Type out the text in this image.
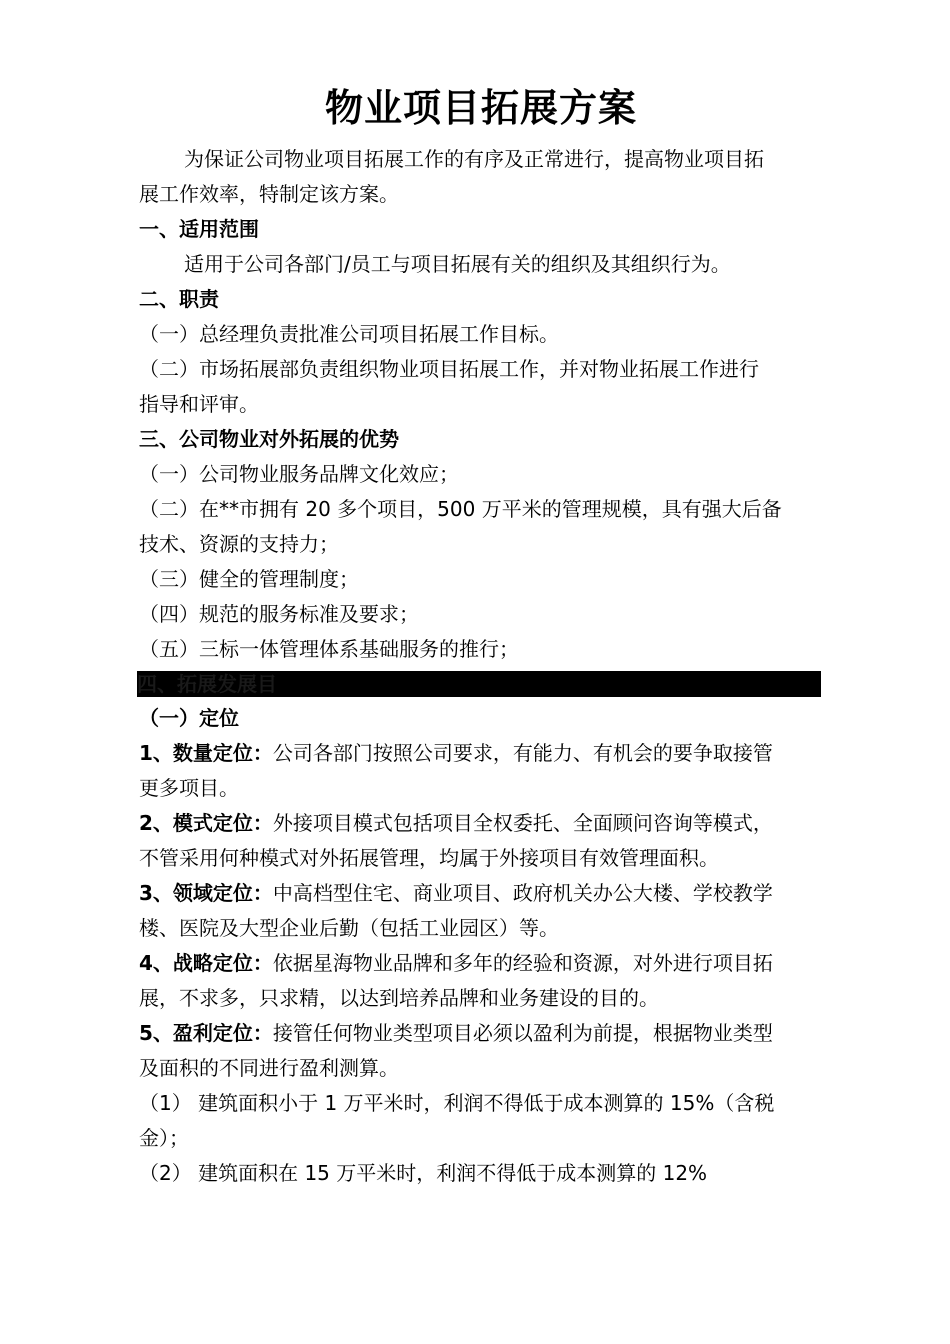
物业项目拓展方案

为保证公司物业项目拓展工作的有序及正常进行，提高物业项目拓

展工作效率，特制定该方案。

一、适用范围

适用于公司各部门/员工与项目拓展有关的组织及其组织行为。

二、职责

（一）总经理负责批准公司项目拓展工作目标。

（二）市场拓展部负责组织物业项目拓展工作，并对物业拓展工作进行

指导和评审。

三、公司物业对外拓展的优势

（一）公司物业服务品牌文化效应；

（二）在**市拥有 20 多个项目，500 万平米的管理规模，具有强大后备

技术、资源的支持力；

（三）健全的管理制度；

（四）规范的服务标准及要求；

（五）三标一体管理体系基础服务的推行；

四、拓展发展目

（一）定位

1、数量定位：公司各部门按照公司要求，有能力、有机会的要争取接管

更多项目。

2、模式定位：外接项目模式包括项目全权委托、全面顾问咨询等模式，

不管采用何种模式对外拓展管理，均属于外接项目有效管理面积。

3、领域定位：中高档型住宅、商业项目、政府机关办公大楼、学校教学

楼、医院及大型企业后勤（包括工业园区）等。

4、战略定位：依据星海物业品牌和多年的经验和资源，对外进行项目拓

展，不求多，只求精，以达到培养品牌和业务建设的目的。

5、盈利定位：接管任何物业类型项目必须以盈利为前提，根据物业类型

及面积的不同进行盈利测算。

（1） 建筑面积小于 1 万平米时，利润不得低于成本测算的 15%（含税

金）；

（2） 建筑面积在 15 万平米时，利润不得低于成本测算的 12%
